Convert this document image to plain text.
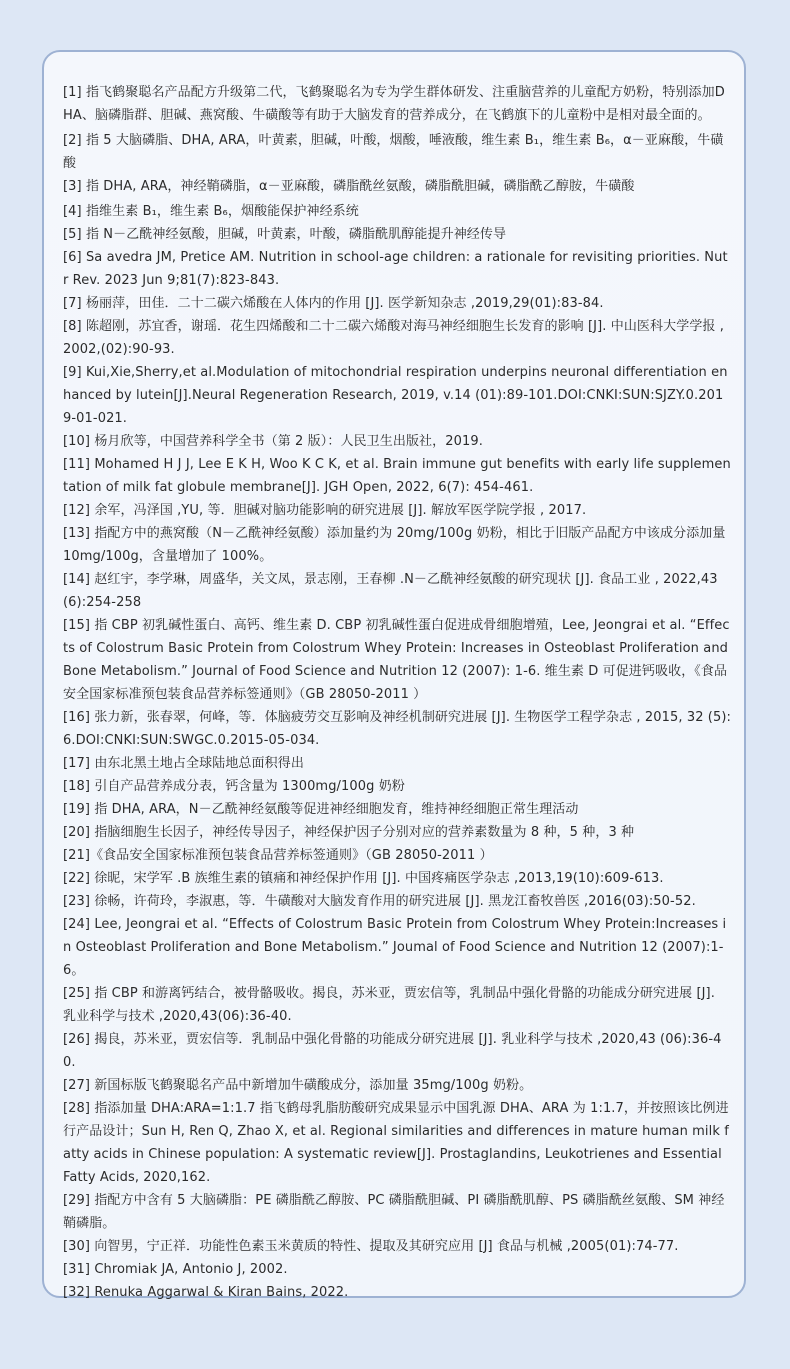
[1] 指飞鹤聚聪名产品配方升级第二代，飞鹤聚聪名为专为学生群体研发、注重脑营养的儿童配方奶粉，特别添加DHA、脑磷脂群、胆碱、燕窝酸、牛磺酸等有助于大脑发育的营养成分，在飞鹤旗下的儿童粉中是相对最全面的。
[2] 指 5 大脑磷脂、DHA, ARA，叶黄素，胆碱，叶酸，烟酸，唾液酸，维生素 B₁，维生素 B₆，α－亚麻酸，牛磺酸
[3] 指 DHA, ARA，神经鞘磷脂，α－亚麻酸，磷脂酰丝氨酸，磷脂酰胆碱，磷脂酰乙醇胺，牛磺酸
[4] 指维生素 B₁，维生素 B₆，烟酸能保护神经系统
[5] 指 N－乙酰神经氨酸，胆碱，叶黄素，叶酸，磷脂酰肌醇能提升神经传导
[6] Sa avedra JM, Pretice AM. Nutrition in school-age children: a rationale for revisiting priorities. Nutr Rev. 2023 Jun 9;81(7):823-843.
[7] 杨丽萍，田佳．二十二碳六烯酸在人体内的作用 [J]. 医学新知杂志 ,2019,29(01):83-84.
[8] 陈超刚，苏宜香，谢瑶．花生四烯酸和二十二碳六烯酸对海马神经细胞生长发育的影响 [J]. 中山医科大学学报 ,2002,(02):90-93.
[9] Kui,Xie,Sherry,et al.Modulation of mitochondrial respiration underpins neuronal differentiation enhanced by lutein[J].Neural Regeneration Research, 2019, v.14 (01):89-101.DOI:CNKI:SUN:SJZY.0.2019-01-021.
[10] 杨月欣等，中国营养科学全书（第 2 版）：人民卫生出版社，2019.
[11] Mohamed H J J, Lee E K H, Woo K C K, et al. Brain immune gut benefits with early life supplementation of milk fat globule membrane[J]. JGH Open, 2022, 6(7): 454-461.
[12] 余军，冯泽国 ,YU, 等．胆碱对脑功能影响的研究进展 [J]. 解放军医学院学报 , 2017.
[13] 指配方中的燕窝酸（N－乙酰神经氨酸）添加量约为 20mg/100g 奶粉，相比于旧版产品配方中该成分添加量 10mg/100g，含量增加了 100%。
[14] 赵红宇，李学琳，周盛华，关文凤，景志刚，王春柳 .N－乙酰神经氨酸的研究现状 [J]. 食品工业 , 2022,43(6):254-258
[15] 指 CBP 初乳碱性蛋白、高钙、维生素 D. CBP 初乳碱性蛋白促进成骨细胞增殖，Lee, Jeongrai et al. “Effects of Colostrum Basic Protein from Colostrum Whey Protein: Increases in Osteoblast Proliferation and Bone Metabolism.” Journal of Food Science and Nutrition 12 (2007): 1-6. 维生素 D 可促进钙吸收，《食品安全国家标准预包装食品营养标签通则》（GB 28050-2011 ）
[16] 张力新，张春翠，何峰，等．体脑疲劳交互影响及神经机制研究进展 [J]. 生物医学工程学杂志 , 2015, 32 (5):6.DOI:CNKI:SUN:SWGC.0.2015-05-034.
[17] 由东北黑土地占全球陆地总面积得出
[18] 引自产品营养成分表，钙含量为 1300mg/100g 奶粉
[19] 指 DHA, ARA，N－乙酰神经氨酸等促进神经细胞发育，维持神经细胞正常生理活动
[20] 指脑细胞生长因子，神经传导因子，神经保护因子分别对应的营养素数量为 8 种，5 种，3 种
[21]《食品安全国家标准预包装食品营养标签通则》（GB 28050-2011 ）
[22] 徐昵，宋学军 .B 族维生素的镇痛和神经保护作用 [J]. 中国疼痛医学杂志 ,2013,19(10):609-613.
[23] 徐畅，许荷玲，李淑惠，等．牛磺酸对大脑发育作用的研究进展 [J]. 黑龙江畜牧兽医 ,2016(03):50-52.
[24] Lee, Jeongrai et al. “Effects of Colostrum Basic Protein from Colostrum Whey Protein:Increases in Osteoblast Proliferation and Bone Metabolism.” Joumal of Food Science and Nutrition 12 (2007):1-6。
[25] 指 CBP 和游离钙结合，被骨骼吸收。揭良，苏米亚，贾宏信等，乳制品中强化骨骼的功能成分研究进展 [J]. 乳业科学与技术 ,2020,43(06):36-40.
[26] 揭良，苏米亚，贾宏信等．乳制品中强化骨骼的功能成分研究进展 [J]. 乳业科学与技术 ,2020,43 (06):36-40.
[27] 新国标版飞鹤聚聪名产品中新增加牛磺酸成分，添加量 35mg/100g 奶粉。
[28] 指添加量 DHA:ARA=1:1.7 指飞鹤母乳脂肪酸研究成果显示中国乳源 DHA、ARA 为 1:1.7，并按照该比例进行产品设计；Sun H, Ren Q, Zhao X, et al. Regional similarities and differences in mature human milk fatty acids in Chinese population: A systematic review[J]. Prostaglandins, Leukotrienes and Essential Fatty Acids, 2020,162.
[29] 指配方中含有 5 大脑磷脂：PE 磷脂酰乙醇胺、PC 磷脂酰胆碱、PI 磷脂酰肌醇、PS 磷脂酰丝氨酸、SM 神经鞘磷脂。
[30] 向智男，宁正祥．功能性色素玉米黄质的特性、提取及其研究应用 [J] 食品与机械 ,2005(01):74-77.
[31] Chromiak JA, Antonio J, 2002.
[32] Renuka Aggarwal & Kiran Bains, 2022.
